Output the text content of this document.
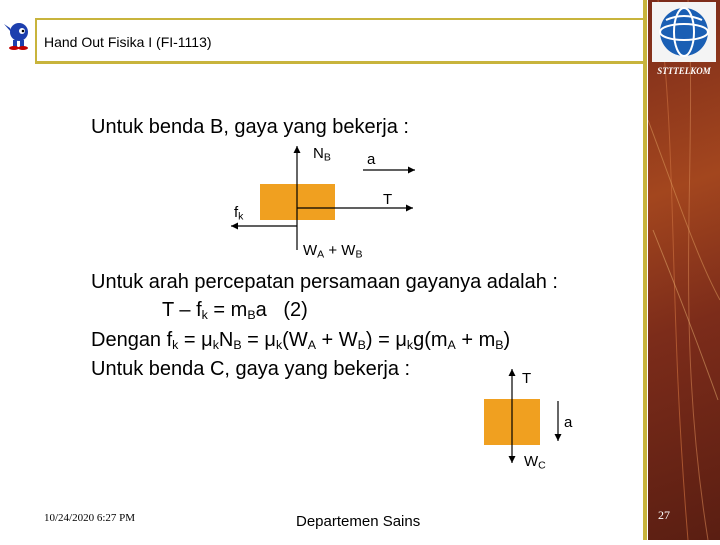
STTTELKOM
Hand Out Fisika I (FI-1113)
Untuk benda B, gaya yang bekerja :
$N_B$ a
T
$f_k$
$W_A + W_B$
Untuk arah percepatan persamaan gayanya adalah :
$T - f_k = m_Ba$   (2)
Dengan $f_k = \mu_kN_B = \mu_k(W_A + W_B) = \mu_kg(m_A + m_B)$
Untuk benda C, gaya yang bekerja :	T
a
$W_C$
10/24/2020 6:27 PM	Departemen Sains	27
